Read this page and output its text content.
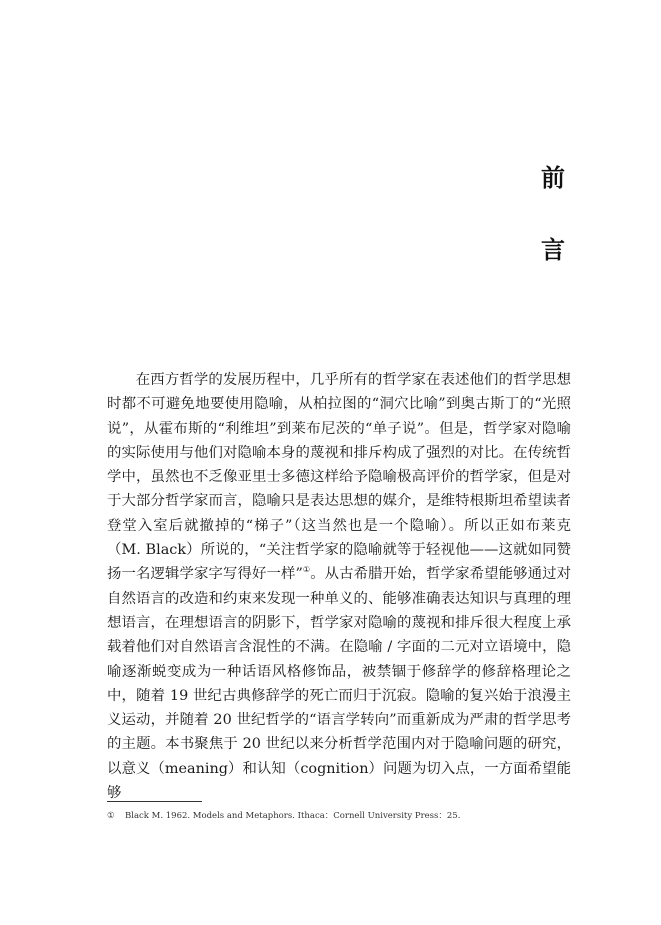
前
言

在西方哲学的发展历程中，几乎所有的哲学家在表述他们的哲学思想时都不可避免地要使用隐喻，从柏拉图的“洞穴比喻”到奥古斯丁的“光照说”，从霍布斯的“利维坦”到莱布尼茨的“单子说”。但是，哲学家对隐喻的实际使用与他们对隐喻本身的蔑视和排斥构成了强烈的对比。在传统哲学中，虽然也不乏像亚里士多德这样给予隐喻极高评价的哲学家，但是对于大部分哲学家而言，隐喻只是表达思想的媒介，是维特根斯坦希望读者登堂入室后就撤掉的“梯子”（这当然也是一个隐喻）。所以正如布莱克（M. Black）所说的，“关注哲学家的隐喻就等于轻视他——这就如同赞扬一名逻辑学家字写得好一样”①。从古希腊开始，哲学家希望能够通过对自然语言的改造和约束来发现一种单义的、能够准确表达知识与真理的理想语言，在理想语言的阴影下，哲学家对隐喻的蔑视和排斥很大程度上承载着他们对自然语言含混性的不满。在隐喻 / 字面的二元对立语境中，隐喻逐渐蜕变成为一种话语风格修饰品，被禁锢于修辞学的修辞格理论之中，随着 19 世纪古典修辞学的死亡而归于沉寂。隐喻的复兴始于浪漫主义运动，并随着 20 世纪哲学的“语言学转向”而重新成为严肃的哲学思考的主题。本书聚焦于 20 世纪以来分析哲学范围内对于隐喻问题的研究，以意义（meaning）和认知（cognition）问题为切入点，一方面希望能够

① Black M. 1962. Models and Metaphors. Ithaca：Cornell University Press：25.
